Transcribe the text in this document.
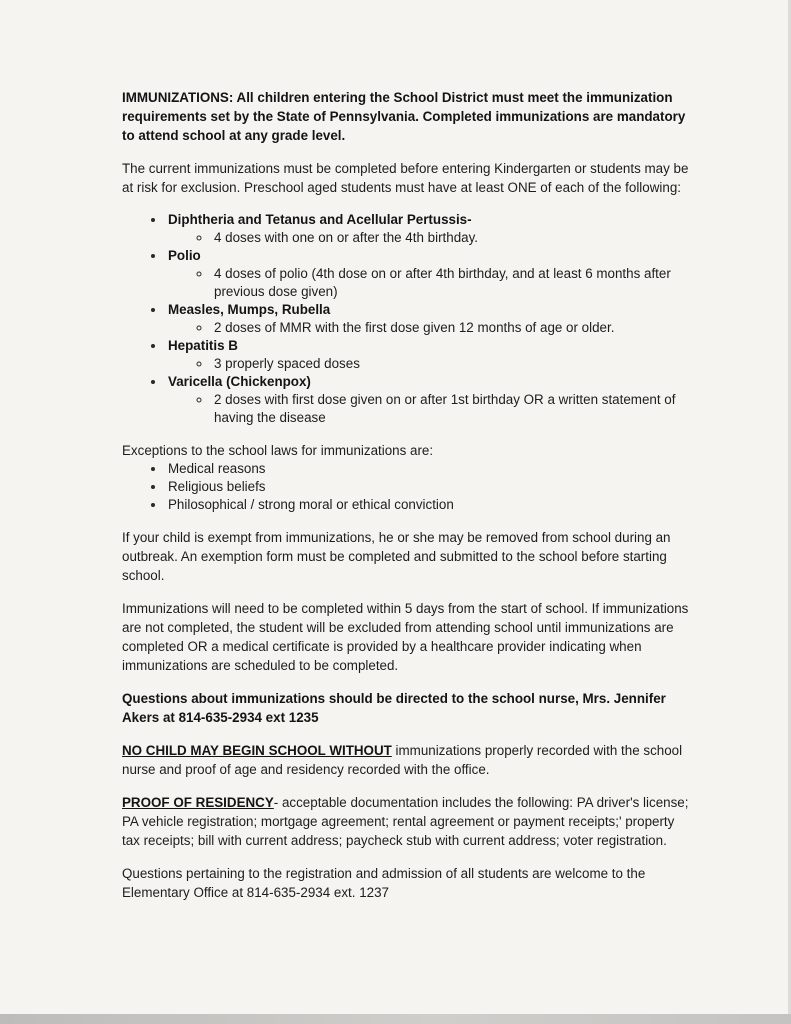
IMMUNIZATIONS: All children entering the School District must meet the immunization requirements set by the State of Pennsylvania. Completed immunizations are mandatory to attend school at any grade level.

The current immunizations must be completed before entering Kindergarten or students may be at risk for exclusion. Preschool aged students must have at least ONE of each of the following:

• Diphtheria and Tetanus and Acellular Pertussis-
◦ 4 doses with one on or after the 4th birthday.
• Polio
◦ 4 doses of polio (4th dose on or after 4th birthday, and at least 6 months after previous dose given)
• Measles, Mumps, Rubella
◦ 2 doses of MMR with the first dose given 12 months of age or older.
• Hepatitis B
◦ 3 properly spaced doses
• Varicella (Chickenpox)
◦ 2 doses with first dose given on or after 1st birthday OR a written statement of having the disease

Exceptions to the school laws for immunizations are:

• Medical reasons
• Religious beliefs
• Philosophical / strong moral or ethical conviction

If your child is exempt from immunizations, he or she may be removed from school during an outbreak. An exemption form must be completed and submitted to the school before starting school.

Immunizations will need to be completed within 5 days from the start of school. If immunizations are not completed, the student will be excluded from attending school until immunizations are completed OR a medical certificate is provided by a healthcare provider indicating when immunizations are scheduled to be completed.

Questions about immunizations should be directed to the school nurse, Mrs. Jennifer Akers at 814-635-2934 ext 1235

NO CHILD MAY BEGIN SCHOOL WITHOUT immunizations properly recorded with the school nurse and proof of age and residency recorded with the office.

PROOF OF RESIDENCY- acceptable documentation includes the following: PA driver's license; PA vehicle registration; mortgage agreement; rental agreement or payment receipts;' property tax receipts; bill with current address; paycheck stub with current address; voter registration.

Questions pertaining to the registration and admission of all students are welcome to the Elementary Office at 814-635-2934 ext. 1237
